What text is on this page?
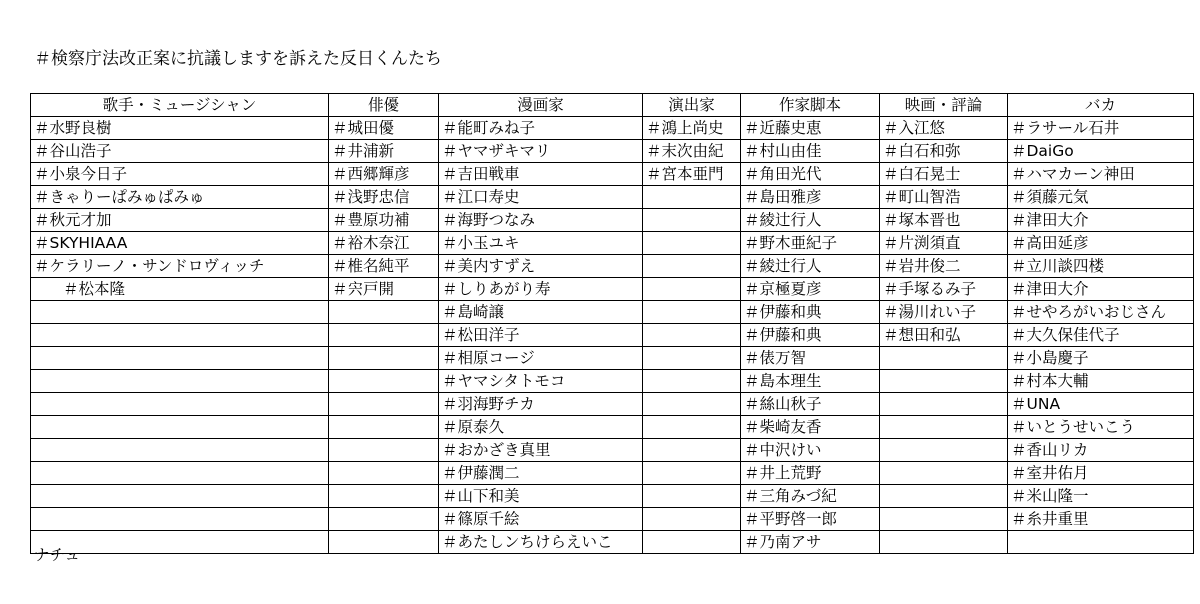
＃検察庁法改正案に抗議しますを訴えた反日くんたち
歌手・ミュージシャン	俳優	漫画家	演出家	作家脚本	映画・評論	バカ
＃水野良樹	＃城田優	＃能町みね子	＃鴻上尚史	＃近藤史恵	＃入江悠	＃ラサール石井
＃谷山浩子	＃井浦新	＃ヤマザキマリ	＃末次由紀	＃村山由佳	＃白石和弥	＃DaiGo
＃小泉今日子	＃西郷輝彦	＃吉田戦車	＃宮本亜門	＃角田光代	＃白石晃士	＃ハマカーン神田
＃きゃりーぱみゅぱみゅ	＃浅野忠信	＃江口寿史		＃島田雅彦	＃町山智浩	＃須藤元気
＃秋元才加	＃豊原功補	＃海野つなみ		＃綾辻行人	＃塚本晋也	＃津田大介
＃SKYHIAAA	＃裕木奈江	＃小玉ユキ		＃野木亜紀子	＃片渕須直	＃高田延彦
＃ケラリーノ・サンドロヴィッチ	＃椎名純平	＃美内すずえ		＃綾辻行人	＃岩井俊二	＃立川談四楼
＃松本隆	＃宍戸開	＃しりあがり寿		＃京極夏彦	＃手塚るみ子	＃津田大介
		＃島崎譲		＃伊藤和典	＃湯川れい子	＃せやろがいおじさん
		＃松田洋子		＃伊藤和典	＃想田和弘	＃大久保佳代子
		＃相原コージ		＃俵万智		＃小島慶子
		＃ヤマシタトモコ		＃島本理生		＃村本大輔
		＃羽海野チカ		＃絲山秋子		＃UNA
		＃原泰久		＃柴崎友香		＃いとうせいこう
		＃おかざき真里		＃中沢けい		＃香山リカ
		＃伊藤潤二		＃井上荒野		＃室井佑月
		＃山下和美		＃三角みづ紀		＃米山隆一
		＃篠原千絵		＃平野啓一郎		＃糸井重里
		＃あたしンちけらえいこ		＃乃南アサ		
ナチュ
